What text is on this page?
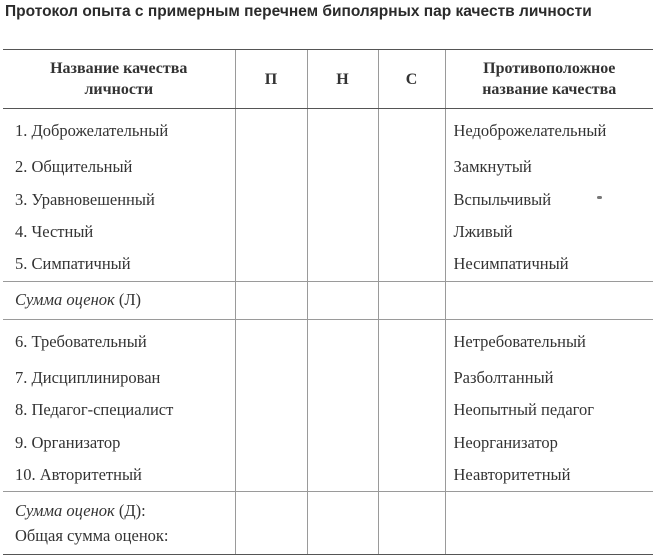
Протокол опыта с примерным перечнем биполярных пар качеств личности
Название качества личности	П	Н	С	Противоположное название качества

1. Доброжелательный				Недоброжелательный
2. Общительный				Замкнутый
3. Уравновешенный				Вспыльчивый
4. Честный				Лживый
5. Симпатичный				Несимпатичный
Сумма оценок (Л)				
6. Требовательный				Нетребовательный
7. Дисциплинирован				Разболтанный
8. Педагог-специалист				Неопытный педагог
9. Организатор				Неорганизатор
10. Авторитетный				Неавторитетный

Сумма оценок (Д):
Общая сумма оценок:				
